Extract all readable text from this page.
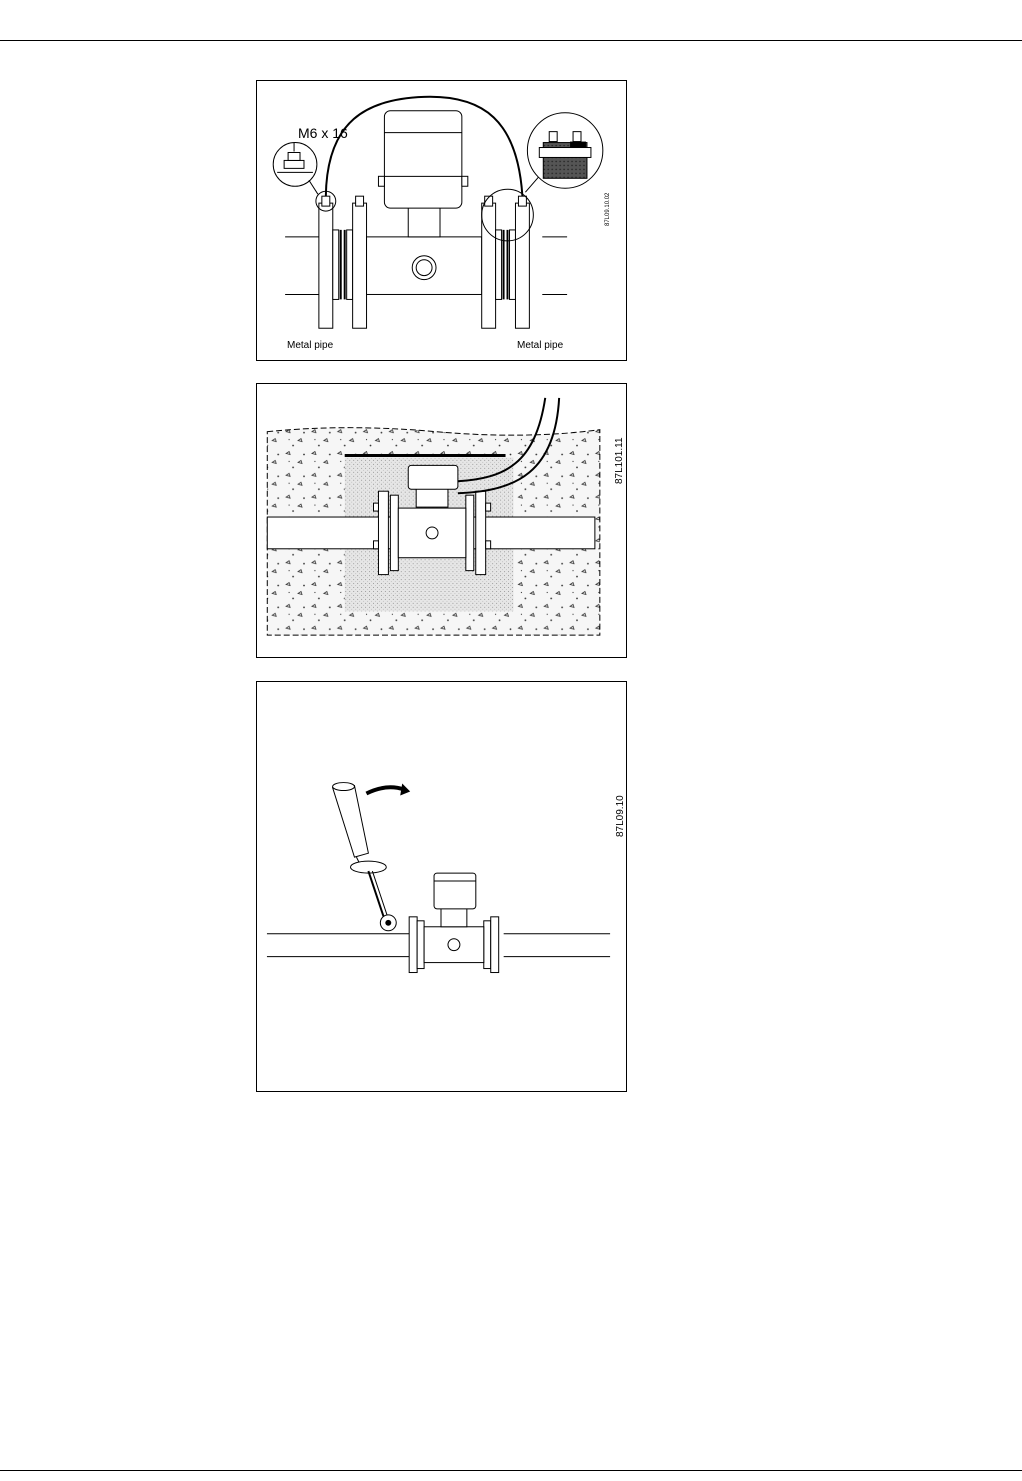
M6 x 16
Metal pipe	Metal pipe
87L09.10.02
87L101.11
87L09.10
